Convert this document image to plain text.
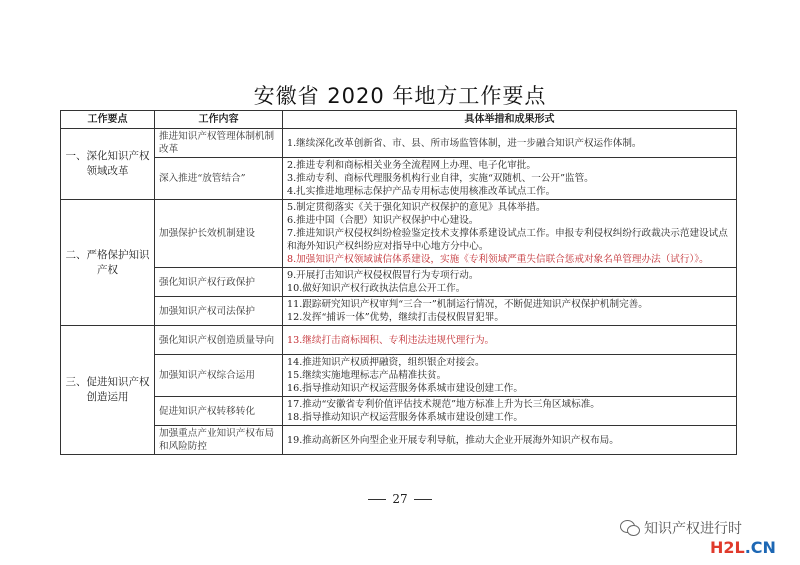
安徽省 2020 年地方工作要点
工作要点	工作内容	具体举措和成果形式
一、深化知识产权领域改革	推进知识产权管理体制机制改革	1.继续深化改革创新省、市、县、所市场监管体制，进一步融合知识产权运作体制。

	深入推进“放管结合”	2.推进专利和商标相关业务全流程网上办理、电子化审批。
3.推动专利、商标代理服务机构行业自律，实施“双随机、一公开”监管。
4.扎实推进地理标志保护产品专用标志使用核准改革试点工作。

二、严格保护知识产权	加强保护长效机制建设	5.制定贯彻落实《关于强化知识产权保护的意见》具体举措。
6.推进中国（合肥）知识产权保护中心建设。
7.推进知识产权侵权纠纷检验鉴定技术支撑体系建设试点工作。申报专利侵权纠纷行政裁决示范建设试点和海外知识产权纠纷应对指导中心地方分中心。
8.加强知识产权领域诚信体系建设，实施《专利领域严重失信联合惩戒对象名单管理办法（试行）》。

	强化知识产权行政保护	9.开展打击知识产权侵权假冒行为专项行动。
10.做好知识产权行政执法信息公开工作。

	加强知识产权司法保护	11.跟踪研究知识产权审判“三合一”机制运行情况，不断促进知识产权保护机制完善。
12.发挥“捕诉一体”优势，继续打击侵权假冒犯罪。

三、促进知识产权创造运用	强化知识产权创造质量导向	13.继续打击商标囤积、专利违法违规代理行为。

	加强知识产权综合运用	14.推进知识产权质押融资，组织银企对接会。
15.继续实施地理标志产品精准扶贫。
16.指导推动知识产权运营服务体系城市建设创建工作。

	促进知识产权转移转化	17.推动“安徽省专利价值评估技术规范”地方标准上升为长三角区域标准。
18.指导推动知识产权运营服务体系城市建设创建工作。

	加强重点产业知识产权布局和风险防控	19.推动高新区外向型企业开展专利导航，推动大企业开展海外知识产权布局。
27
知识产权进行时
H2L.CN
